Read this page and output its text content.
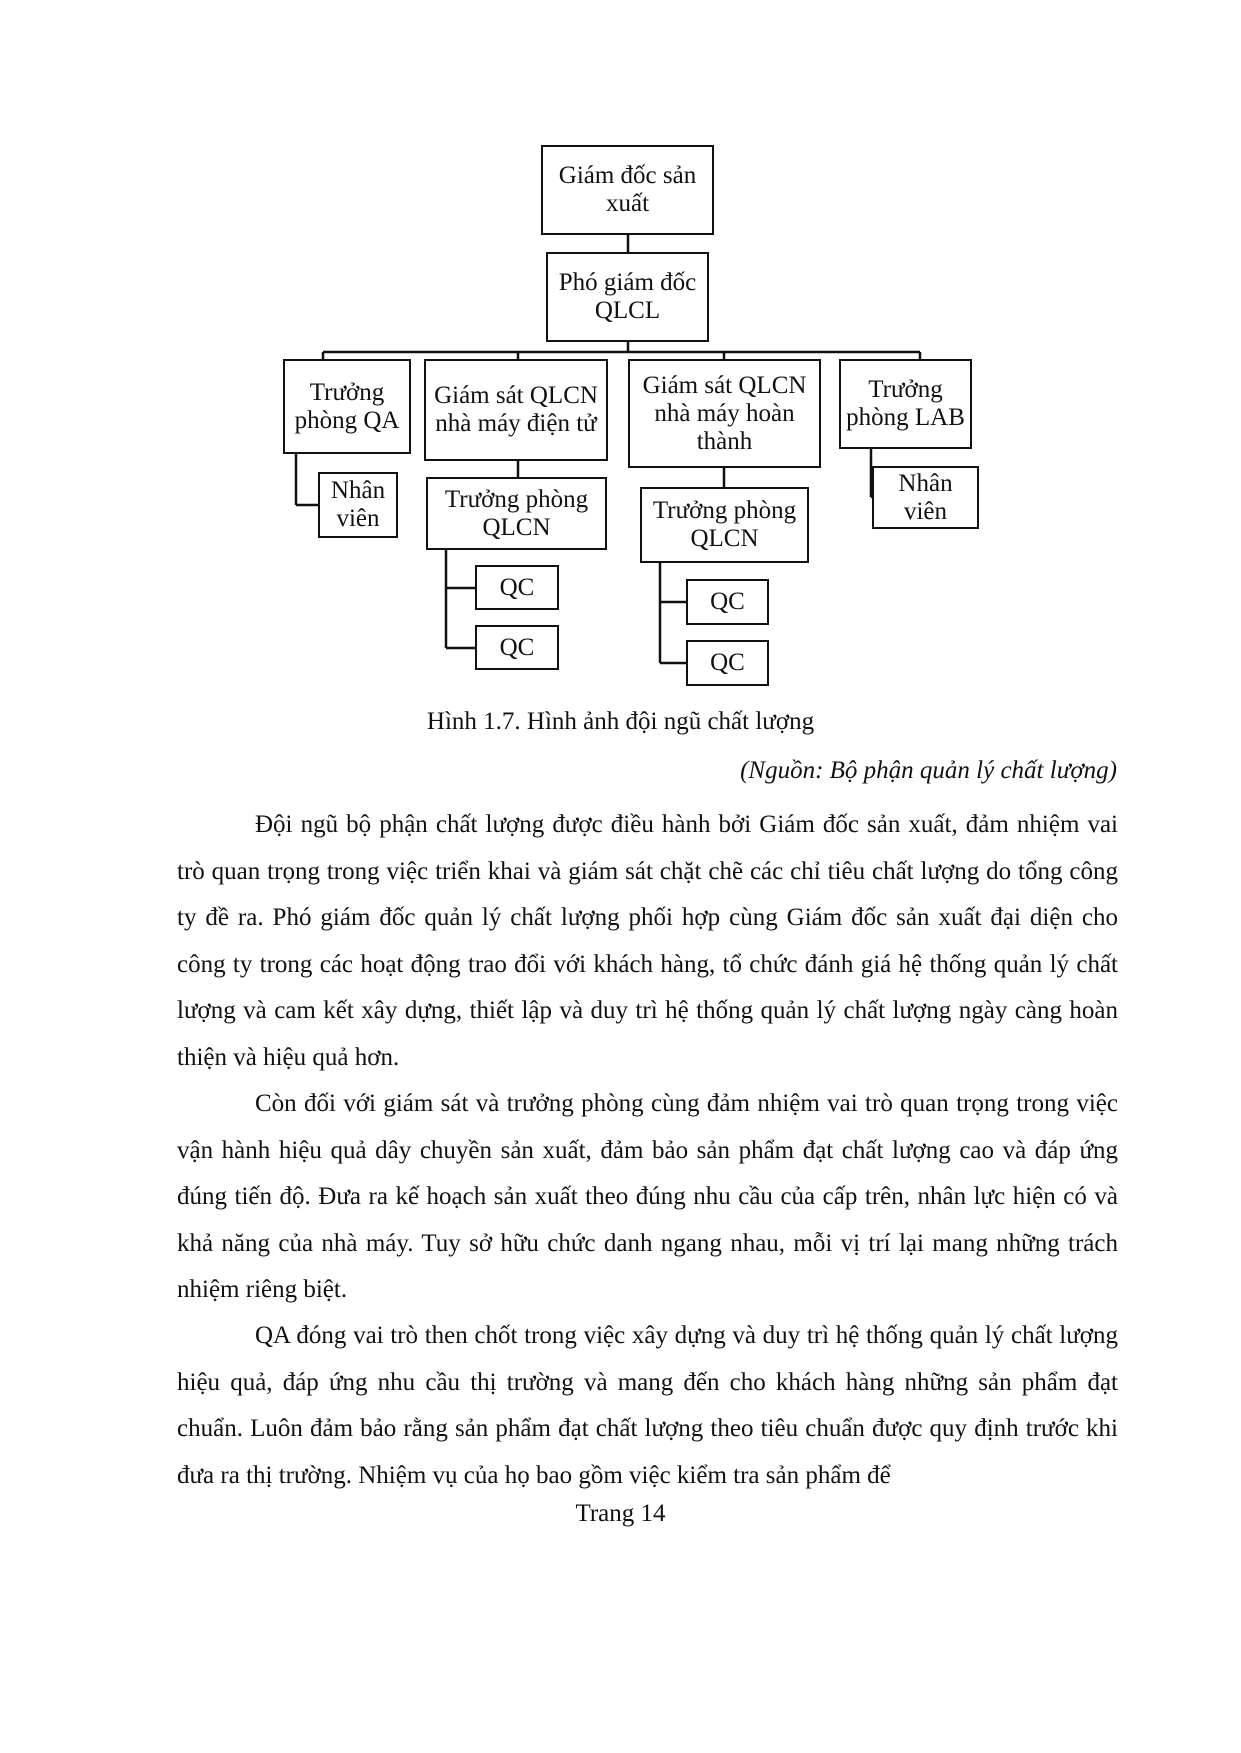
Giám đốc sản xuất
Phó giám đốc QLCL
Trưởng phòng QA
Nhân viên
Giám sát QLCN nhà máy điện tử
Trưởng phòng QLCN
QC
QC
Giám sát QLCN nhà máy hoàn thành
Trưởng phòng QLCN
QC
QC
Trưởng phòng LAB
Nhân viên
Hình 1.7. Hình ảnh đội ngũ chất lượng
(Nguồn: Bộ phận quản lý chất lượng)

Đội ngũ bộ phận chất lượng được điều hành bởi Giám đốc sản xuất, đảm nhiệm vai trò quan trọng trong việc triển khai và giám sát chặt chẽ các chỉ tiêu chất lượng do tổng công ty đề ra. Phó giám đốc quản lý chất lượng phối hợp cùng Giám đốc sản xuất đại diện cho công ty trong các hoạt động trao đổi với khách hàng, tổ chức đánh giá hệ thống quản lý chất lượng và cam kết xây dựng, thiết lập và duy trì hệ thống quản lý chất lượng ngày càng hoàn thiện và hiệu quả hơn.

Còn đối với giám sát và trưởng phòng cùng đảm nhiệm vai trò quan trọng trong việc vận hành hiệu quả dây chuyền sản xuất, đảm bảo sản phẩm đạt chất lượng cao và đáp ứng đúng tiến độ. Đưa ra kế hoạch sản xuất theo đúng nhu cầu của cấp trên, nhân lực hiện có và khả năng của nhà máy. Tuy sở hữu chức danh ngang nhau, mỗi vị trí lại mang những trách nhiệm riêng biệt.

QA đóng vai trò then chốt trong việc xây dựng và duy trì hệ thống quản lý chất lượng hiệu quả, đáp ứng nhu cầu thị trường và mang đến cho khách hàng những sản phẩm đạt chuẩn. Luôn đảm bảo rằng sản phẩm đạt chất lượng theo tiêu chuẩn được quy định trước khi đưa ra thị trường. Nhiệm vụ của họ bao gồm việc kiểm tra sản phẩm để

Trang 14
